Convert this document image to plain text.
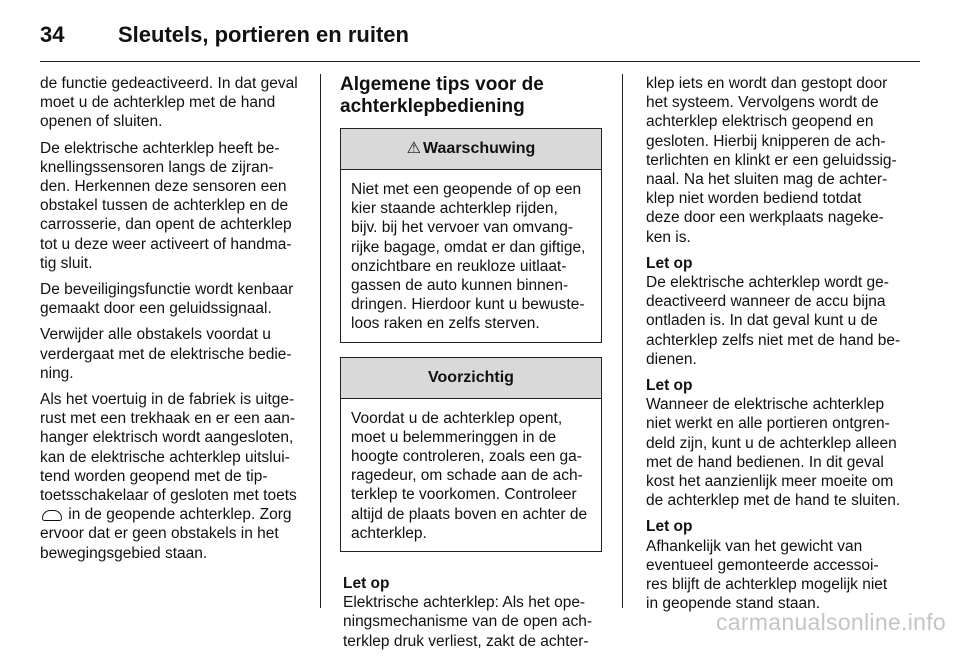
34 Sleutels, portieren en ruiten

de functie gedeactiveerd. In dat geval
moet u de achterklep met de hand
openen of sluiten.

De elektrische achterklep heeft be-
knellingssensoren langs de zijran-
den. Herkennen deze sensoren een
obstakel tussen de achterklep en de
carrosserie, dan opent de achterklep
tot u deze weer activeert of handma-
tig sluit.

De beveiligingsfunctie wordt kenbaar
gemaakt door een geluidssignaal.

Verwijder alle obstakels voordat u
verdergaat met de elektrische bedie-
ning.

Als het voertuig in de fabriek is uitge-
rust met een trekhaak en er een aan-
hanger elektrisch wordt aangesloten,
kan de elektrische achterklep uitslui-
tend worden geopend met de tip-
toetsschakelaar of gesloten met toets
in de geopende achterklep. Zorg
ervoor dat er geen obstakels in het
bewegingsgebied staan.

Algemene tips voor de
achterklepbediening
⚠ Waarschuwing
Niet met een geopende of op een
kier staande achterklep rijden,
bijv. bij het vervoer van omvang-
rijke bagage, omdat er dan giftige,
onzichtbare en reukloze uitlaat-
gassen de auto kunnen binnen-
dringen. Hierdoor kunt u bewuste-
loos raken en zelfs sterven.
Voorzichtig
Voordat u de achterklep opent,
moet u belemmeringgen in de
hoogte controleren, zoals een ga-
ragedeur, om schade aan de ach-
terklep te voorkomen. Controleer
altijd de plaats boven en achter de
achterklep.
Let op
Elektrische achterklep: Als het ope-
ningsmechanisme van de open ach-
terklep druk verliest, zakt de achter-

klep iets en wordt dan gestopt door
het systeem. Vervolgens wordt de
achterklep elektrisch geopend en
gesloten. Hierbij knipperen de ach-
terlichten en klinkt er een geluidssig-
naal. Na het sluiten mag de achter-
klep niet worden bediend totdat
deze door een werkplaats nageke-
ken is.

Let op
De elektrische achterklep wordt ge-
deactiveerd wanneer de accu bijna
ontladen is. In dat geval kunt u de
achterklep zelfs niet met de hand be-
dienen.
Let op
Wanneer de elektrische achterklep
niet werkt en alle portieren ontgren-
deld zijn, kunt u de achterklep alleen
met de hand bedienen. In dit geval
kost het aanzienlijk meer moeite om
de achterklep met de hand te sluiten.
Let op
Afhankelijk van het gewicht van
eventueel gemonteerde accessoi-
res blijft de achterklep mogelijk niet
in geopende stand staan.
carmanualsonline.info
